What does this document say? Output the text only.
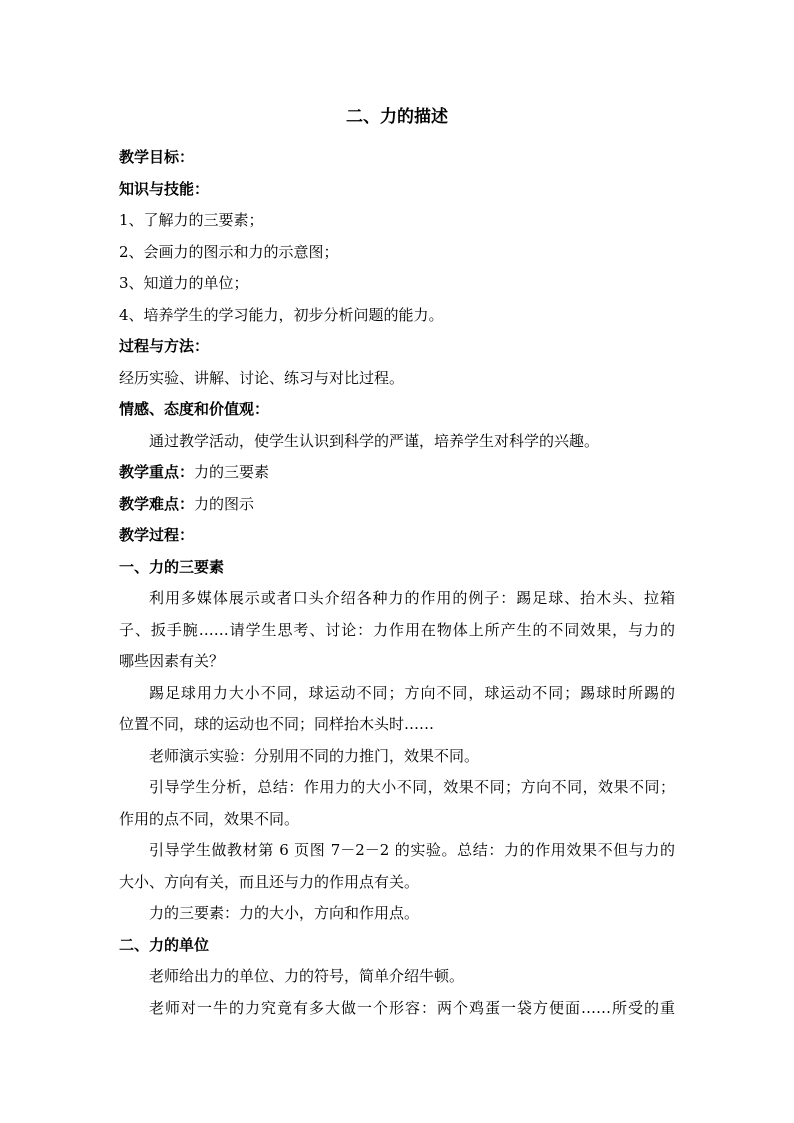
二、力的描述
教学目标：
知识与技能：
1、了解力的三要素；
2、会画力的图示和力的示意图；
3、知道力的单位；
4、培养学生的学习能力，初步分析问题的能力。
过程与方法：
经历实验、讲解、讨论、练习与对比过程。
情感、态度和价值观：
通过教学活动，使学生认识到科学的严谨，培养学生对科学的兴趣。
教学重点：力的三要素
教学难点：力的图示
教学过程：
一、力的三要素
利用多媒体展示或者口头介绍各种力的作用的例子：踢足球、抬木头、拉箱
子、扳手腕……请学生思考、讨论：力作用在物体上所产生的不同效果，与力的
哪些因素有关？
踢足球用力大小不同，球运动不同；方向不同，球运动不同；踢球时所踢的
位置不同，球的运动也不同；同样抬木头时……
老师演示实验：分别用不同的力推门，效果不同。
引导学生分析，总结：作用力的大小不同，效果不同；方向不同，效果不同；
作用的点不同，效果不同。
引导学生做教材第 6 页图 7－2－2 的实验。总结：力的作用效果不但与力的
大小、方向有关，而且还与力的作用点有关。
力的三要素：力的大小，方向和作用点。
二、力的单位
老师给出力的单位、力的符号，简单介绍牛顿。
老师对一牛的力究竟有多大做一个形容：两个鸡蛋一袋方便面……所受的重
